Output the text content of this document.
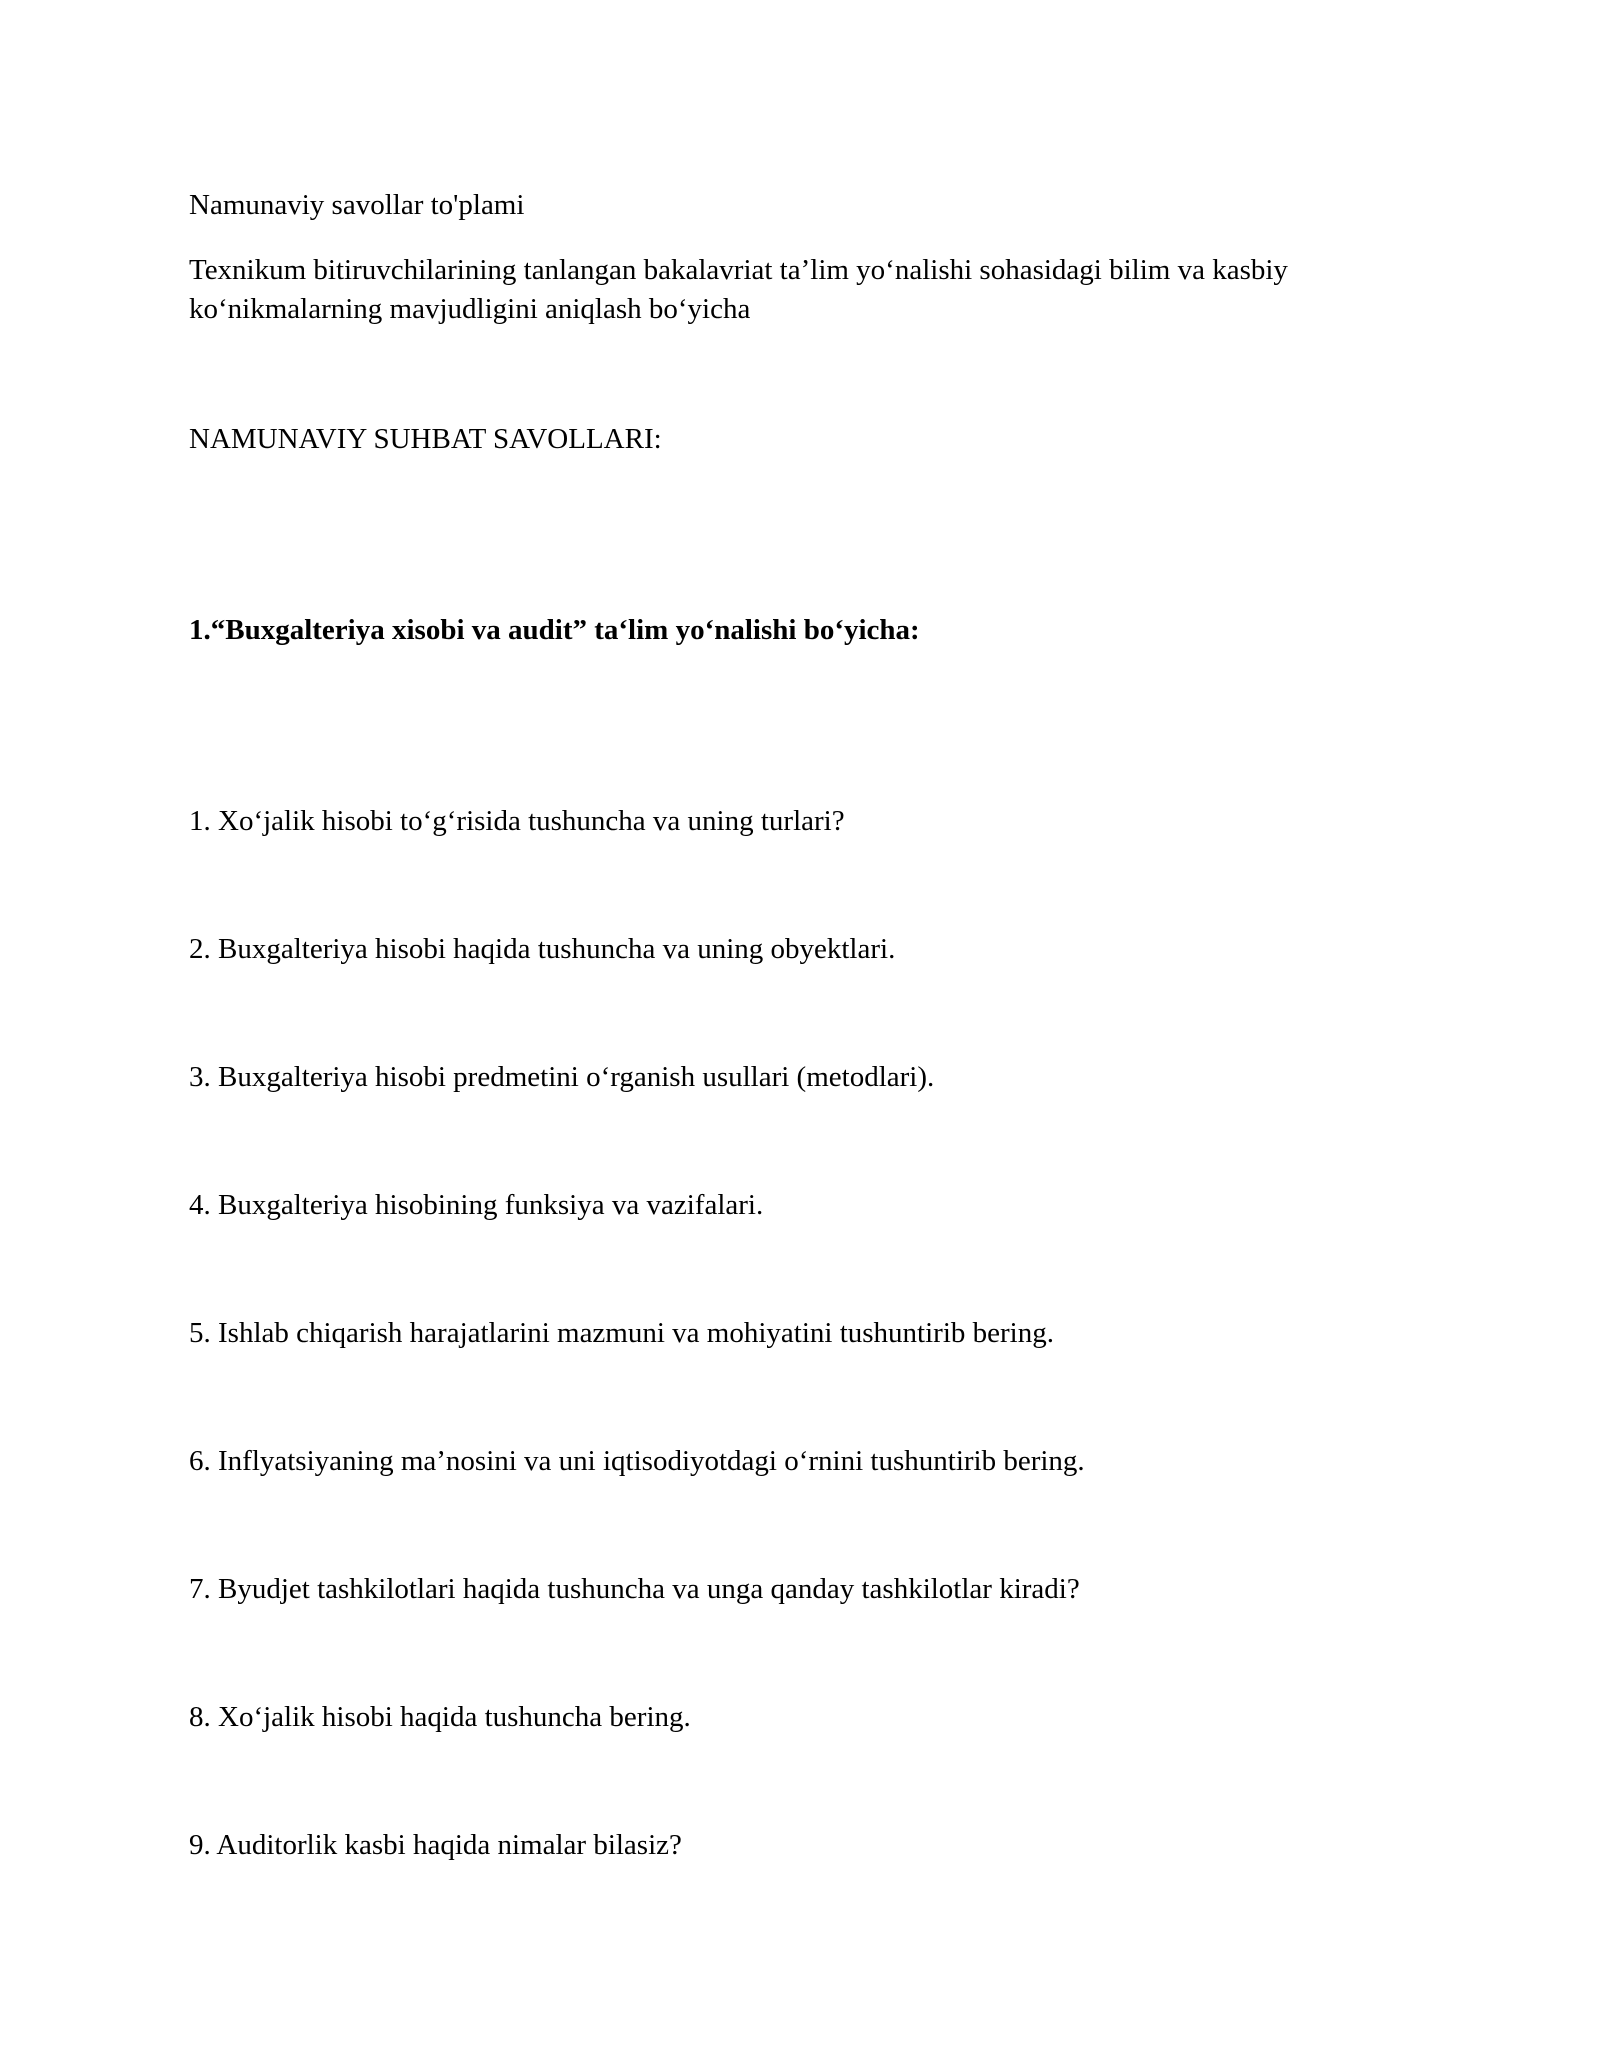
Namunaviy savollar to'plami

Texnikum bitiruvchilarining tanlangan bakalavriat ta’lim yo‘nalishi sohasidagi bilim va kasbiy ko‘nikmalarning mavjudligini aniqlash bo‘yicha

NAMUNAVIY SUHBAT SAVOLLARI:

1.“Buxgalteriya xisobi va audit” ta‘lim yo‘nalishi bo‘yicha:

1. Xo‘jalik hisobi to‘g‘risida tushuncha va uning turlari?

2. Buxgalteriya hisobi haqida tushuncha va uning obyektlari.

3. Buxgalteriya hisobi predmetini o‘rganish usullari (metodlari).

4. Buxgalteriya hisobining funksiya va vazifalari.

5. Ishlab chiqarish harajatlarini mazmuni va mohiyatini tushuntirib bering.

6. Inflyatsiyaning ma’nosini va uni iqtisodiyotdagi o‘rnini tushuntirib bering.

7. Byudjet tashkilotlari haqida tushuncha va unga qanday tashkilotlar kiradi?

8. Xo‘jalik hisobi haqida tushuncha bering.

9. Auditorlik kasbi haqida nimalar bilasiz?
